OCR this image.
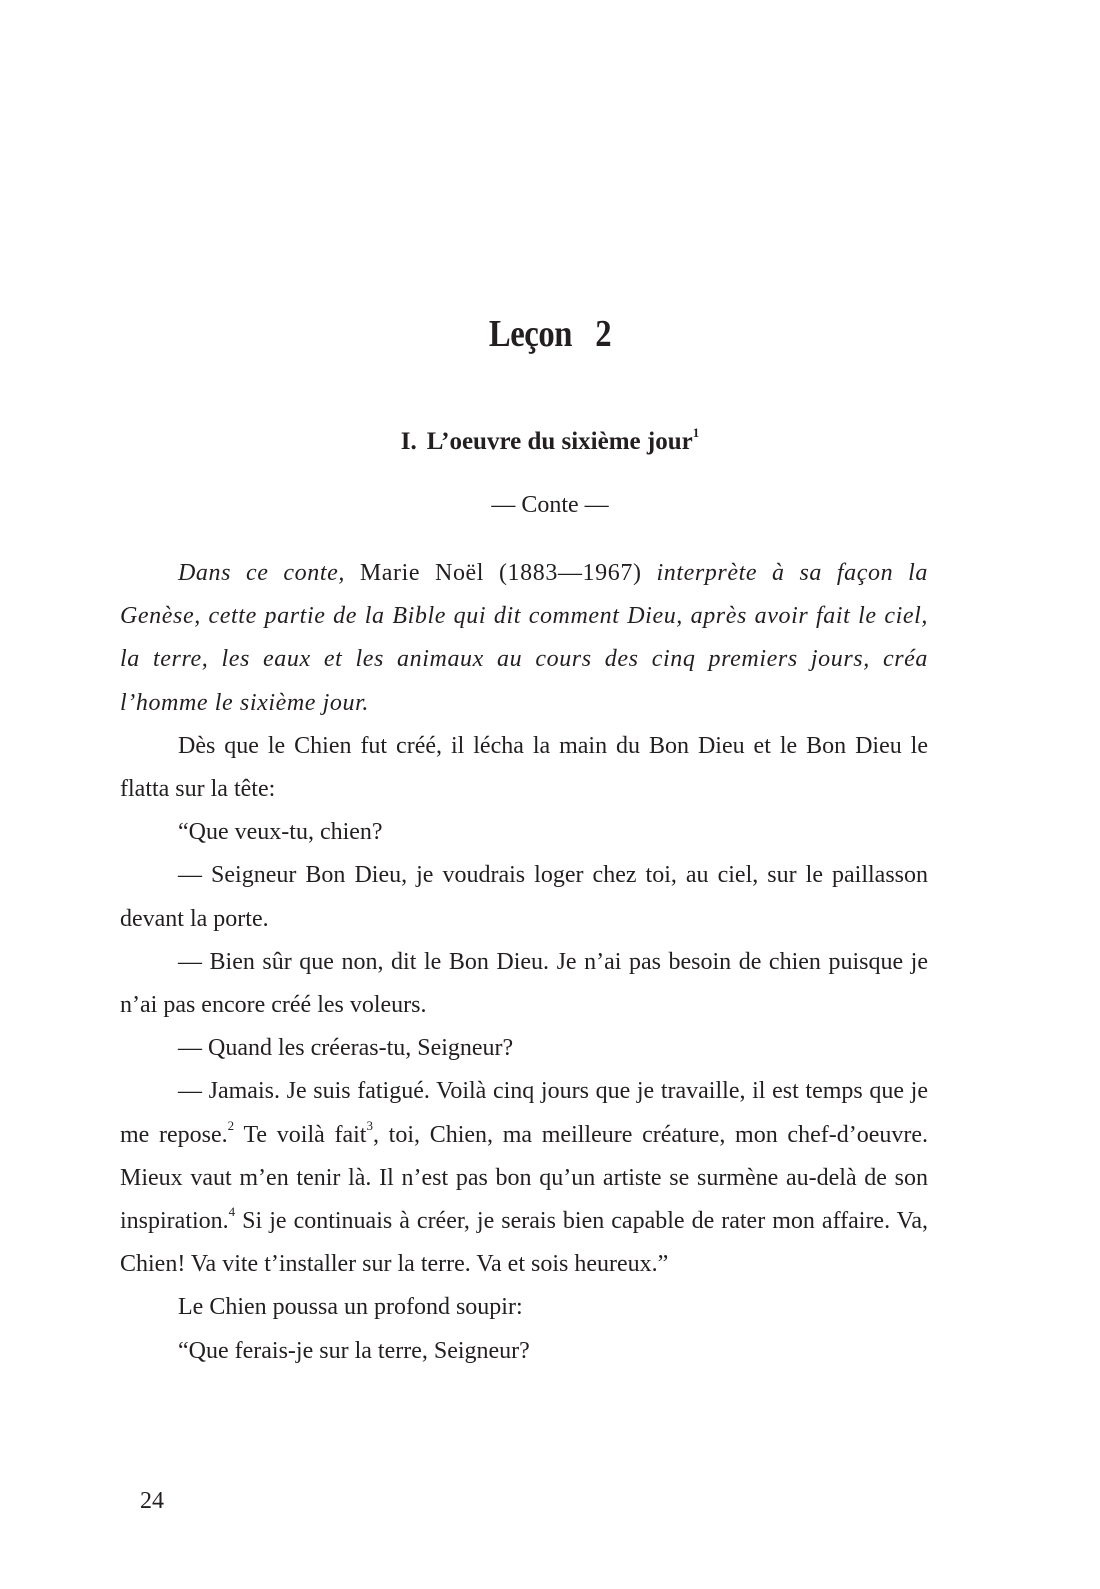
Leçon 2
I. L’oeuvre du sixième jour$^1$
— Conte —

Dans ce conte, Marie Noël (1883—1967) interprète à sa façon la Genèse, cette partie de la Bible qui dit comment Dieu, après avoir fait le ciel, la terre, les eaux et les animaux au cours des cinq premiers jours, créa l’homme le sixième jour.

Dès que le Chien fut créé, il lécha la main du Bon Dieu et le Bon Dieu le flatta sur la tête:

“Que veux-tu, chien?

— Seigneur Bon Dieu, je voudrais loger chez toi, au ciel, sur le paillasson devant la porte.

— Bien sûr que non, dit le Bon Dieu. Je n’ai pas besoin de chien puisque je n’ai pas encore créé les voleurs.

— Quand les créeras-tu, Seigneur?

— Jamais. Je suis fatigué. Voilà cinq jours que je travaille, il est temps que je me repose.$^2$ Te voilà fait$^3$, toi, Chien, ma meilleure créature, mon chef-d’oeuvre. Mieux vaut m’en tenir là. Il n’est pas bon qu’un artiste se surmène au-delà de son inspiration.$^4$ Si je continuais à créer, je serais bien capable de rater mon affaire. Va, Chien! Va vite t’installer sur la terre. Va et sois heureux.”

Le Chien poussa un profond soupir:

“Que ferais-je sur la terre, Seigneur?

24
